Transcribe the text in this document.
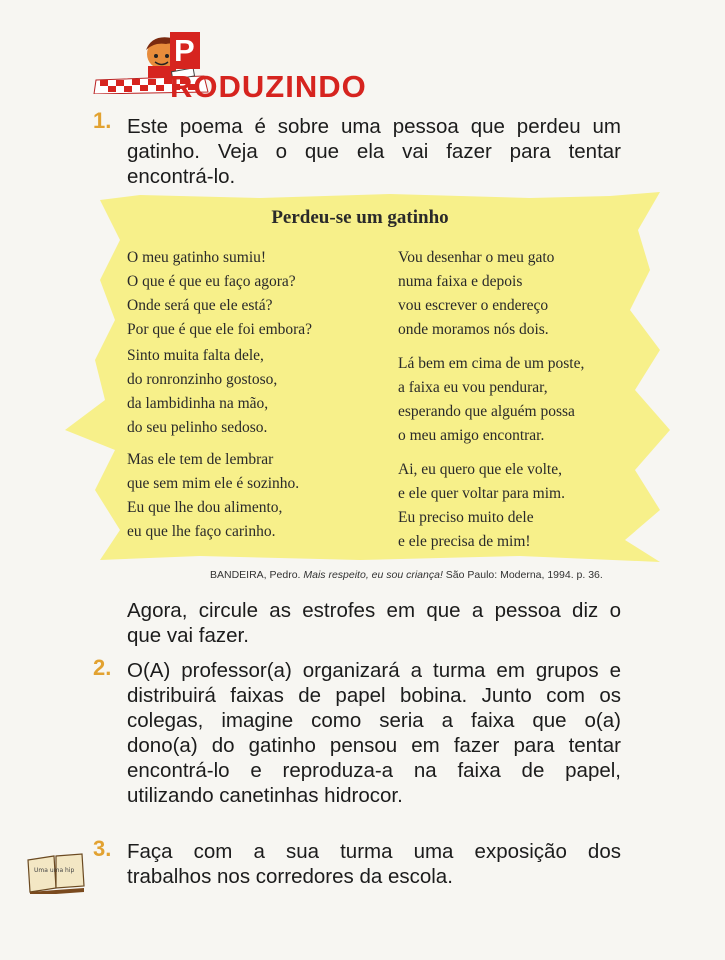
PRODUZINDO
1. Este poema é sobre uma pessoa que perdeu um
gatinho. Veja o que ela vai fazer para tentar
encontrá-lo.
Perdeu-se um gatinho
O meu gatinho sumiu!
O que é que eu faço agora?
Onde será que ele está?
Por que é que ele foi embora?
Sinto muita falta dele,
do ronronzinho gostoso,
da lambidinha na mão,
do seu pelinho sedoso.
Mas ele tem de lembrar
que sem mim ele é sozinho.
Eu que lhe dou alimento,
eu que lhe faço carinho.
Vou desenhar o meu gato
numa faixa e depois
vou escrever o endereço
onde moramos nós dois.
Lá bem em cima de um poste,
a faixa eu vou pendurar,
esperando que alguém possa
o meu amigo encontrar.
Ai, eu quero que ele volte,
e ele quer voltar para mim.
Eu preciso muito dele
e ele precisa de mim!
BANDEIRA, Pedro. Mais respeito, eu sou criança! São Paulo: Moderna, 1994. p. 36.
Agora, circule as estrofes em que a pessoa diz o
que vai fazer.
2. O(A) professor(a) organizará a turma em grupos e
distribuirá faixas de papel bobina. Junto com os
colegas, imagine como seria a faixa que o(a)
dono(a) do gatinho pensou em fazer para tentar
encontrá-lo e reproduza-a na faixa de papel,
utilizando canetinhas hidrocor.
3. Faça com a sua turma uma exposição dos
trabalhos nos corredores da escola.
Uma uma hip
